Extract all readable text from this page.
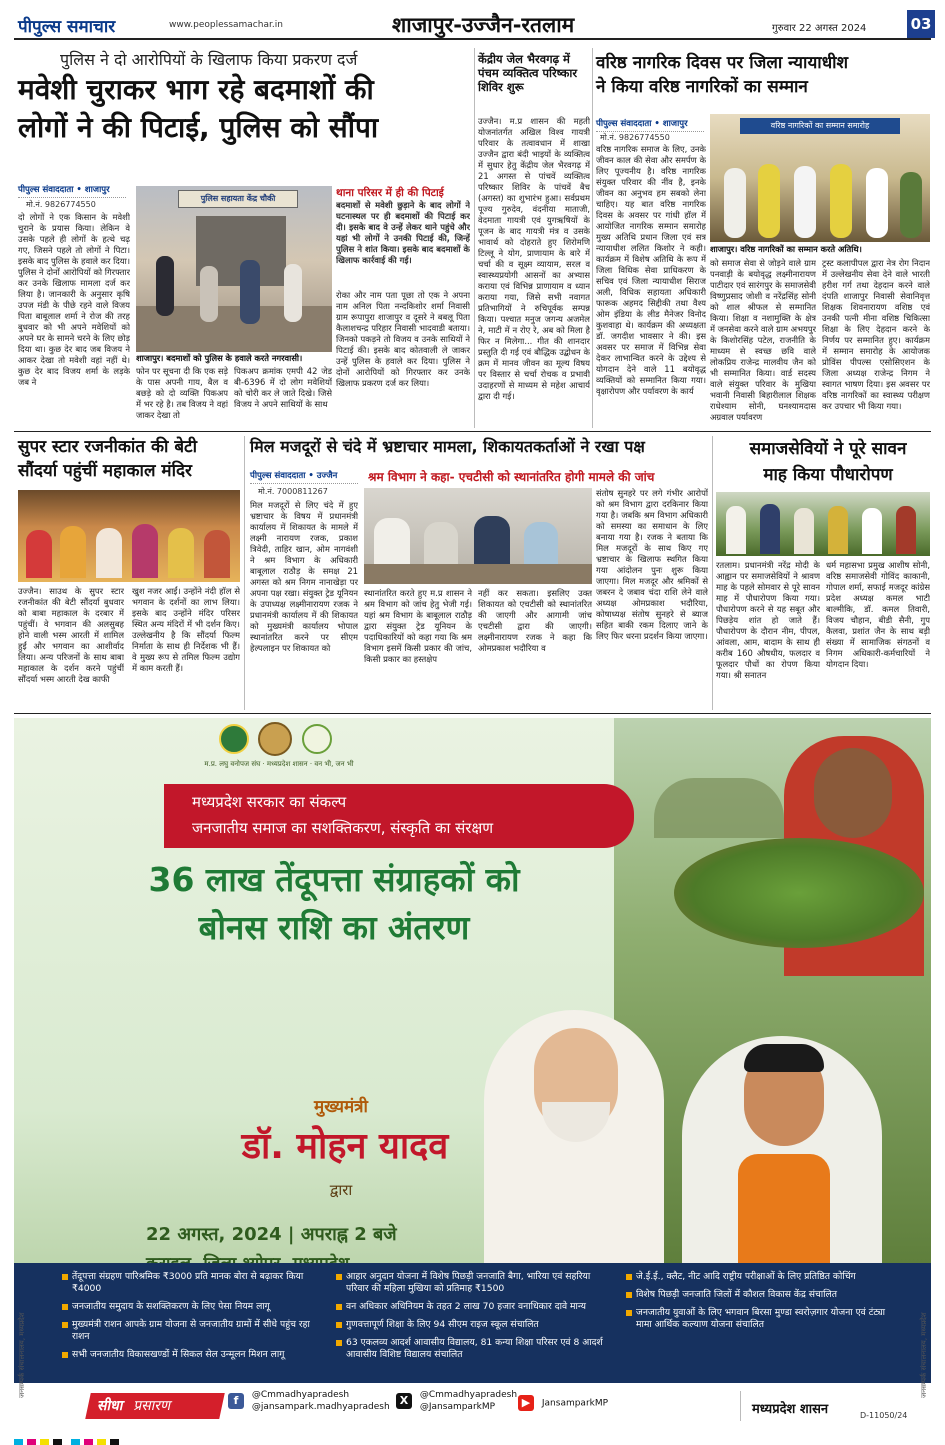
पीपुल्स समाचार	www.peoplessamachar.in	शाजापुर-उज्जैन-रतलाम	गुरुवार 22 अगस्त 2024	03
पुलिस ने दो आरोपियों के खिलाफ किया प्रकरण दर्ज
मवेशी चुराकर भाग रहे बदमाशों की
लोगों ने की पिटाई, पुलिस को सौंपा
पीपुल्स संवाददाता • शाजापुर
मो.नं. 9826774550
दो लोगों ने एक किसान के मवेशी चुराने के प्रयास किया। लेकिन वे उसके पहले ही लोगों के हत्थे चढ़ गए, जिसने पहले तो लोगों ने पिटा। इसके बाद पुलिस के हवाले कर दिया। पुलिस ने दोनों आरोपियों को गिरफ्तार कर उनके खिलाफ मामला दर्ज कर लिया है। जानकारी के अनुसार कृषि उपज मंडी के पीछे रहने वाले विजय पिता बाबूलाल शर्मा ने रोज की तरह बुधवार को भी अपने मवेशियों को अपने घर के सामने चरने के लिए छोड़ दिया था। कुछ देर बाद जब विजय ने आकर देखा तो मवेशी वहां नहीं थे। कुछ देर बाद विजय शर्मा के लड़के जब ने
पुलिस सहायता केंद्र चौकी
शाजापुर। बदमाशों को पुलिस के हवाले करते नगरवासी।
फोन पर सूचना दी कि एक सड़े के पास अपनी गाय, बैल व बछड़े को दो व्यक्ति पिकअप में भर रहे है। तब विजय ने वहां जाकर देखा तो
पिकअप क्रमांक एमपी 42 जेड बी-6396 में दो लोग मवेशियों को चोरी कर ले जाते दिखे। जिसे विजय ने अपने साथियों के साथ
थाना परिसर में ही की पिटाई
बदमाशों से मवेशी छुड़ाने के बाद लोगों ने घटनास्थल पर ही बदमाशों की पिटाई कर दी। इसके बाद वे उन्हें लेकर थाने पहुंचे और यहां भी लोगों ने उनकी पिटाई की, जिन्हें पुलिस ने शांत किया। इसके बाद बदमाशों के खिलाफ कार्रवाई की गई।
रोका और नाम पता पूछा तो एक ने अपना नाम अनिल पिता नन्दकिशोर शर्मा निवासी ग्राम रूपापुरा शाजापुर व दूसरे ने बबलू पिता कैलाशचन्द्र परिहार निवासी भादवाडी बताया। जिनको पकड़ने तो विजय व उनके साथियों ने पिटाई की। इसके बाद कोतवाली ले जाकर उन्हें पुलिस के हवाले कर दिया। पुलिस ने दोनों आरोपियों को गिरफ्तार कर उनके खिलाफ प्रकरण दर्ज कर लिया।
केंद्रीय जेल भैरवगढ़ में पंचम व्यक्तित्व परिष्कार शिविर शुरू
उज्जैन। म.प्र शासन की महती योजनांतर्गत अखिल विश्व गायत्री परिवार के तत्वावधान में शाखा उज्जैन द्वारा बंदी भाइयों के व्यक्तित्व में सुधार हेतु केंद्रीय जेल भैरवगढ़ में 21 अगस्त से पांचवें व्यक्तित्व परिष्कार शिविर के पांचवें बैच (अगस्त) का शुभारंभ हुआ। सर्वप्रथम पूज्य गुरुदेव, वंदनीया माताजी, वेदमाता गायत्री एवं युगऋषियों के पूजन के बाद गायत्री मंत्र व उसके भावार्थ को दोहराते हुए शिरोमणि टिल्लू ने योग, प्राणायाम के बारे में चर्चा की व सूक्ष्म व्यायाम, सरल व स्वास्थ्यप्रयोगी आसनों का अभ्यास कराया एवं विभिन्न प्राणायाम व ध्यान कराया गया, जिसे सभी नवागत प्रतिभागियों ने रुचिपूर्वक सम्पन्न किया। पश्चात मनुज जगन्य अजमेल ने, माटी में न रोए रे, अब को मिला है फिर न मिलेगा... गीत की शानदार प्रस्तुति दी गई एवं बौद्धिक उद्बोधन के क्रम में मानव जीवन का मूल्य विषय पर विस्तार से चर्चा रोचक व प्रभावी उदाहरणों से माध्यम से महेश आचार्य द्वारा दी गई।
वरिष्ठ नागरिक दिवस पर जिला न्यायाधीश
ने किया वरिष्ठ नागरिकों का सम्मान
पीपुल्स संवाददाता • शाजापुर
मो.नं. 9826774550
वरिष्ठ नागरिक समाज के लिए, उनके जीवन काल की सेवा और समर्पण के लिए पूज्यनीय है। वरिष्ठ नागरिक संयुक्त परिवार की नींव है, इनके जीवन का अनुभव हम सबको लेना चाहिए। यह बात वरिष्ठ नागरिक दिवस के अवसर पर गांधी हॉल में आयोजित नागरिक सम्मान समारोह मुख्य अतिथि प्रधान जिला एवं सत्र न्यायाधीश ललित किशोर ने कही। कार्यक्रम में विशेष अतिथि के रूप में जिला विधिक सेवा प्राधिकरण के सचिव एवं जिला न्यायाधीश सिराज अली, विधिक सहायता अधिकारी फारूक अहमद सिद्दीकी तथा वैश्य ओम इंडिया के लीड मैनेजर विनोद कुशवाहा थे। कार्यक्रम की अध्यक्षता डॉ. जगदीश भावसार ने की। इस अवसर पर समाज में विभिन्न सेवा देकर लाभान्वित करने के उद्देश्य से योगदान देने वाले 11 बयोवृद्ध व्यक्तियों को सम्मानित किया गया। वृक्षारोपण और पर्यावरण के कार्य
वरिष्ठ नागरिकों का सम्मान समारोह
शाजापुर। वरिष्ठ नागरिकों का सम्मान करते अतिथि।
को समाज सेवा से जोड़ने वाले ग्राम पनवाड़ी के बयोवृद्ध लक्ष्मीनारायण पाटीदार एवं सारंगपुर के समाजसेवी विष्णुप्रसाद जोशी व नरेंद्रसिंह सोनी को शाल श्रीफल से सम्मानित किया। शिक्षा व नशामुक्ति के क्षेत्र में जनसेवा करने वाले ग्राम अभयपुर के किशोरसिंह पटेल, राजनीति के माध्यम से स्वच्छ छवि वाले लोकप्रिय राजेन्द्र मालवीय जैन को भी सम्मानित किया। वार्ड सदस्य वाले संयुक्त परिवार के मुखिया भवानी निवासी बिहारीलाल शिक्षक राधेश्याम सोनी, घनश्यामदास अग्रवाल पर्यावरण
ट्रस्ट कलापीपल द्वारा नेत्र रोग निदान में उल्लेखनीय सेवा देने वाले भारती हरीश गर्ग तथा देहदान करने वाले दंपति शाजापुर निवासी सेवानिवृत्त शिक्षक शिवनारायण वशिष्ठ एवं उनकी पत्नी मीना वशिष्ठ चिकित्सा शिक्षा के लिए देहदान करने के निर्णय पर सम्मानित हुए। कार्यक्रम में सम्मान समारोह के आयोजक प्रोविंस पीपल्स एसोसिएशन के जिला अध्यक्ष राजेन्द्र निगम ने स्वागत भाषण दिया। इस अवसर पर वरिष्ठ नागरिकों का स्वास्थ्य परीक्षण कर उपचार भी किया गया।
सुपर स्टार रजनीकांत की बेटी
सौंदर्या पहुंचीं महाकाल मंदिर
उज्जैन। साउथ के सुपर स्टार रजनीकांत की बेटी सौंदर्या बुधवार को बाबा महाकाल के दरबार में पहुंचीं। वे भगवान की अलसुबह होने वाली भस्म आरती में शामिल हुईं और भगवान का आशीर्वाद लिया। अन्य परिजनों के साथ बाबा महाकाल के दर्शन करने पहुंचीं सौंदर्या भस्म आरती देख काफी
खुश नजर आईं। उन्होंने नंदी हॉल से भगवान के दर्शनों का लाभ लिया। इसके बाद उन्होंने मंदिर परिसर स्थित अन्य मंदिरों में भी दर्शन किए। उल्लेखनीय है कि सौंदर्या फिल्म निर्माता के साथ ही निर्देशक भी हैं। वे मुख्य रूप से तमिल फिल्म उद्योग में काम करती हैं।
मिल मजदूरों से चंदे में भ्रष्टाचार मामला, शिकायतकर्ताओं ने रखा पक्ष
पीपुल्स संवाददाता • उज्जैन
मो.नं. 7000811267
श्रम विभाग ने कहा- एचटीसी को स्थानांतरित होगी मामले की जांच
मिल मजदूरों से लिए चंदे में हुए भ्रष्टाचार के विषय में प्रधानमंत्री कार्यालय में शिकायत के मामले में लक्ष्मी नारायण रजक, प्रकाश त्रिवेदी, ताहिर खान, ओम नागवंशी ने श्रम विभाग के अधिकारी बाबूलाल राठौड़ के समक्ष 21 अगस्त को श्रम निगम नानाखेड़ा पर अपना पक्ष रखा। संयुक्त ट्रेड यूनियन के उपाध्यक्ष लक्ष्मीनारायण रजक ने प्रधानमंत्री कार्यालय में की शिकायत को मुख्यमंत्री कार्यालय भोपाल स्थानांतरित करने पर सीएम हेल्पलाइन पर शिकायत को
स्थानांतरित करते हुए म.प्र शासन ने श्रम विभाग को जांच हेतु भेजी गई। यहां श्रम विभाग के बाबूलाल राठौड़ द्वारा संयुक्त ट्रेड यूनियन के पदाधिकारियों को कहा गया कि श्रम विभाग इसमें किसी प्रकार की जांच, किसी प्रकार का हस्तक्षेप
नहीं कर सकता। इसलिए उक्त शिकायत को एचटीसी को स्थानांतरित की जाएगी और आगामी जांच एचटीसी द्वारा की जाएगी। लक्ष्मीनारायण रजक ने कहा कि ओमप्रकाश भदौरिया व
संतोष सुनहरे पर लगे गंभीर आरोपों को श्रम विभाग द्वारा दरकिनार किया गया है। जबकि श्रम विभाग अधिकारी को समस्या का समाधान के लिए बनाया गया है। रजक ने बताया कि मिल मजदूरों के साथ किए गए भ्रष्टाचार के खिलाफ स्थगित किया गया आंदोलन पुनः शुरू किया जाएगा। मिल मजदूर और श्रमिकों से जबरन दे जबाव चंदा राशि लेने वाले अध्यक्ष ओमप्रकाश भदौरिया, कोषाध्यक्ष संतोष सुनहरे से ब्याज सहित बाकी रकम दिलाए जाने के लिए फिर धरना प्रदर्शन किया जाएगा।
समाजसेवियों ने पूरे सावन
माह किया पौधारोपण
रतलाम। प्रधानमंत्री नरेंद्र मोदी के आह्वान पर समाजसेवियों ने श्रावण माह के पहले सोमवार से पूरे सावन माह में पौधारोपण किया गया। पौधारोपण करने से यह सबूत और पिछड़ेय शांत हो जाते हैं। पौधारोपण के दौरान नीम, पीपल, आंवला, आम, बादाम के साथ ही करीब 160 औषधीय, फलदार व फूलदार पौधों का रोपण किया गया। श्री सनातन
धर्म महासभा प्रमुख आशीष सोनी, वरिष्ठ समाजसेवी गोविंद काकानी, गोपाल शर्मा, सफाई मजदूर कांग्रेस प्रदेश अध्यक्ष कमल भाटी बाल्मीकि, डॉ. कमल तिवारी, विजय चौहान, बीडी सैनी, गुप कैलवा, प्रशांत जैन के साथ बड़ी संख्या में सामाजिक संगठनों व निगम अधिकारी-कर्मचारियों ने योगदान दिया।
म.प्र. लघु वनोपज संघ · मध्यप्रदेश शासन · वन भी, जन भी
मध्यप्रदेश सरकार का संकल्प
जनजातीय समाज का सशक्तिकरण, संस्कृति का संरक्षण
36 लाख तेंदूपत्ता संग्राहकों को
बोनस राशि का अंतरण
मुख्यमंत्री
डॉ. मोहन यादव
द्वारा
22 अगस्त, 2024 | अपराह्न 2 बजे
तेंदूपत्ता संग्रहण पारिश्रमिक ₹3000 प्रति मानक बोरा से बढ़ाकर किया ₹4000
जनजातीय समुदाय के सशक्तिकरण के लिए पेसा नियम लागू
मुख्यमंत्री राशन आपके ग्राम योजना से जनजातीय ग्रामों में सीधे पहुंच रहा राशन
सभी जनजातीय विकासखण्डों में सिकल सेल उन्मूलन मिशन लागू
आहार अनुदान योजना में विशेष पिछड़ी जनजाति बैगा, भारिया एवं सहरिया परिवार की महिला मुखिया को प्रतिमाह ₹1500
वन अधिकार अधिनियम के तहत 2 लाख 70 हजार वनाधिकार दावे मान्य
गुणवत्तापूर्ण शिक्षा के लिए 94 सीएम राइज स्कूल संचालित
63 एकलव्य आदर्श आवासीय विद्यालय, 81 कन्या शिक्षा परिसर एवं 8 आदर्श आवासीय विशिष्ट विद्यालय संचालित
जे.ई.ई., क्लैट, नीट आदि राष्ट्रीय परीक्षाओं के लिए प्रतिष्ठित कोचिंग
विशेष पिछड़ी जनजाति जिलों में कौशल विकास केंद्र संचालित
जनजातीय युवाओं के लिए भगवान बिरसा मुण्डा स्वरोज़गार योजना एवं टंट्या मामा आर्थिक कल्याण योजना संचालित
सीधा प्रसारण	f @Cmmadhyapradesh
@jansampark.madhyapradesh X @Cmmadhyapradesh
@JansamparkMP	▶ JansamparkMP	मध्यप्रदेश शासन	D-11050/24
जनसम्पर्क संचालनालय, मध्यप्रदेश	जनसम्पर्क संचालनालय, मध्यप्रदेश
